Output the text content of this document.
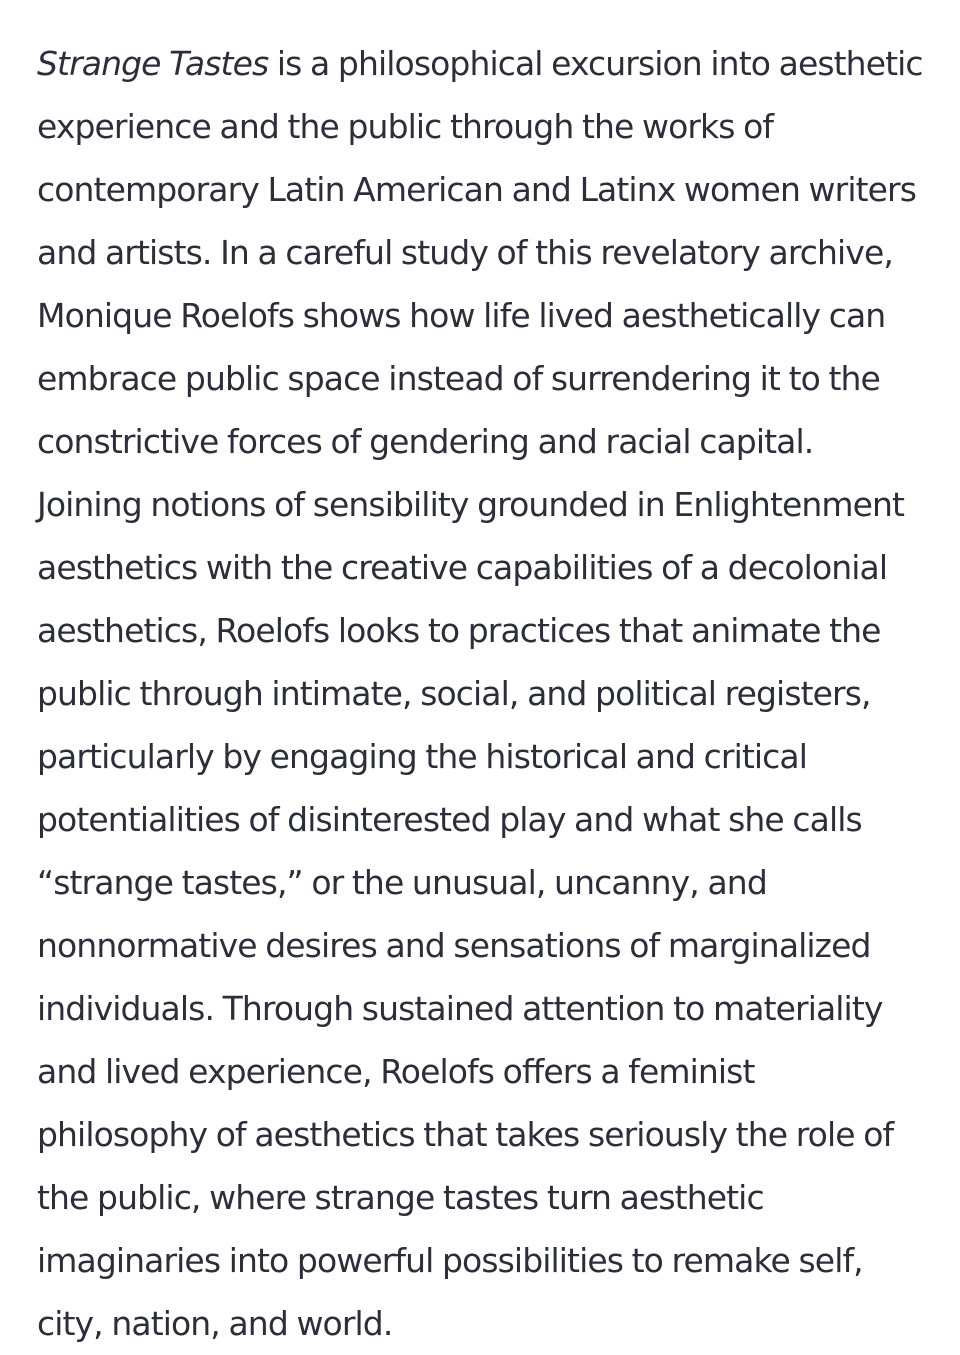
Strange Tastes is a philosophical excursion into aesthetic experience and the public through the works of contemporary Latin American and Latinx women writers and artists. In a careful study of this revelatory archive, Monique Roelofs shows how life lived aesthetically can embrace public space instead of surrendering it to the constrictive forces of gendering and racial capital. Joining notions of sensibility grounded in Enlightenment aesthetics with the creative capabilities of a decolonial aesthetics, Roelofs looks to practices that animate the public through intimate, social, and political registers, particularly by engaging the historical and critical potentialities of disinterested play and what she calls “strange tastes,” or the unusual, uncanny, and nonnormative desires and sensations of marginalized individuals. Through sustained attention to materiality and lived experience, Roelofs offers a feminist philosophy of aesthetics that takes seriously the role of the public, where strange tastes turn aesthetic imaginaries into powerful possibilities to remake self, city, nation, and world.
